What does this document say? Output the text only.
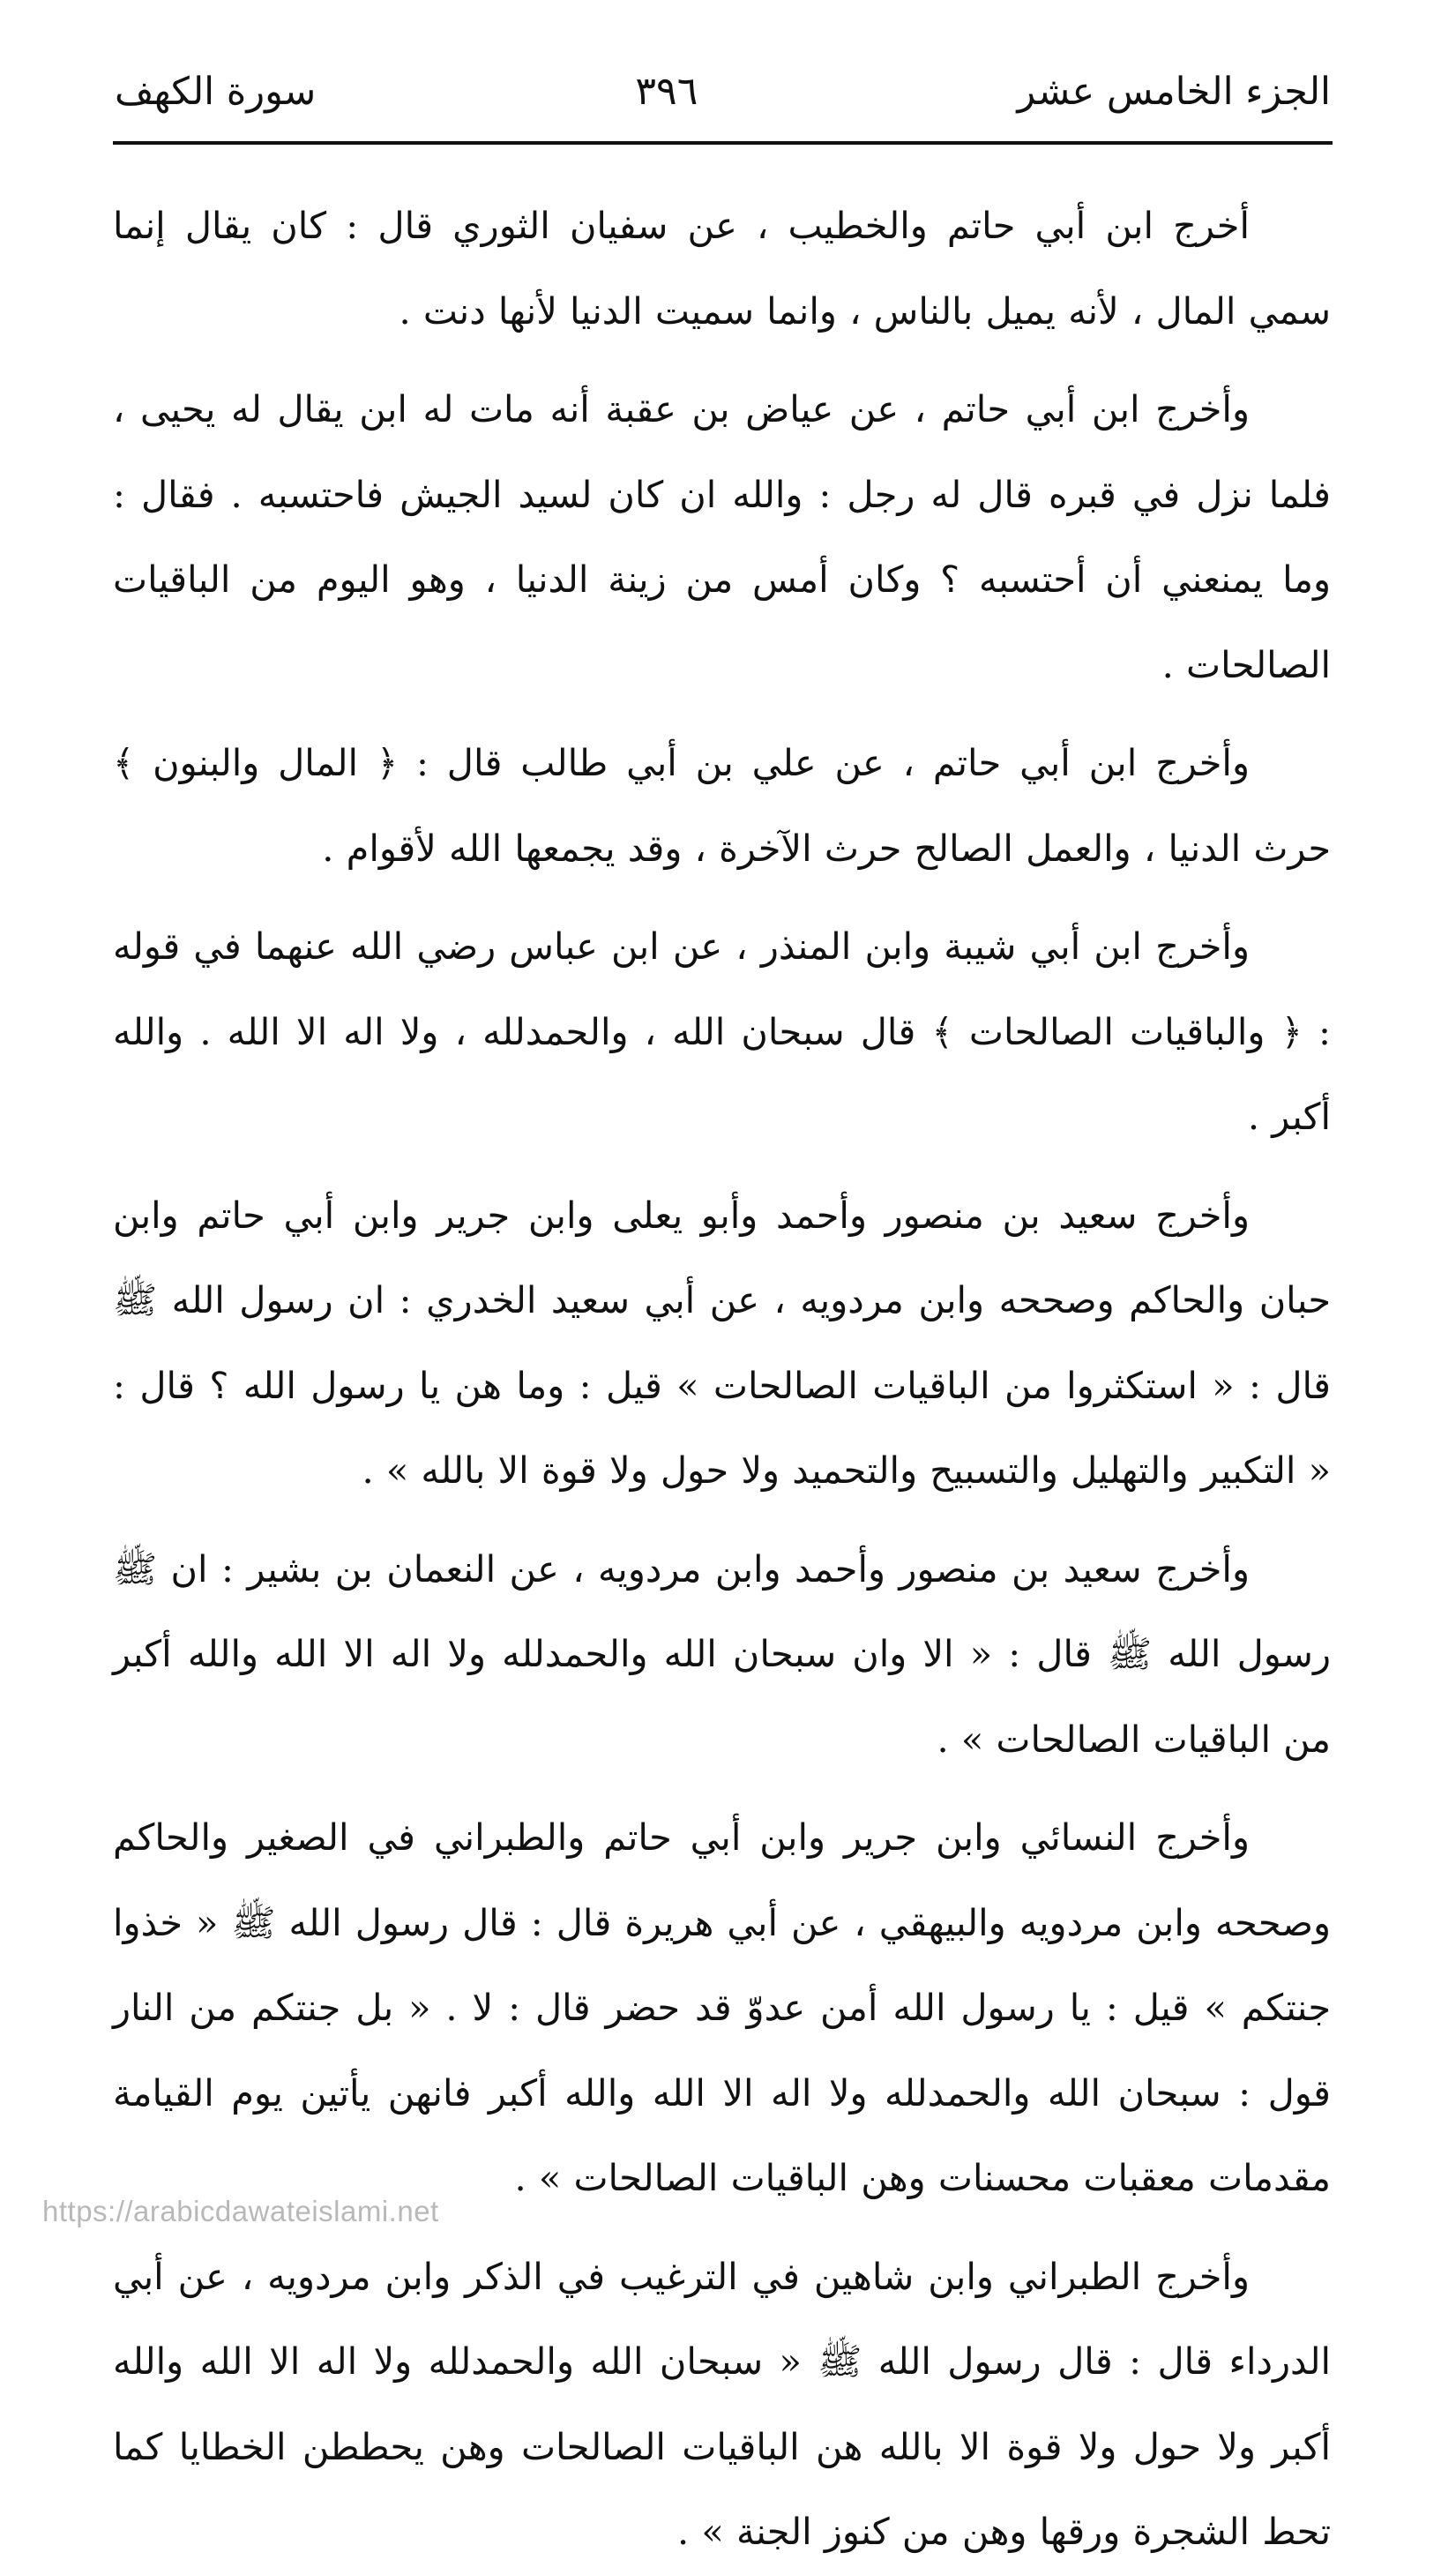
الجزء الخامس عشر
٣٩٦
سورة الكهف

أخرج ابن أبي حاتم والخطيب ، عن سفيان الثوري قال : كان يقال إنما سمي المال ، لأنه يميل بالناس ، وانما سميت الدنيا لأنها دنت .

وأخرج ابن أبي حاتم ، عن عياض بن عقبة أنه مات له ابن يقال له يحيى ، فلما نزل في قبره قال له رجل : والله ان كان لسيد الجيش فاحتسبه . فقال : وما يمنعني أن أحتسبه ؟ وكان أمس من زينة الدنيا ، وهو اليوم من الباقيات الصالحات .

وأخرج ابن أبي حاتم ، عن علي بن أبي طالب قال : ﴿ المال والبنون ﴾ حرث الدنيا ، والعمل الصالح حرث الآخرة ، وقد يجمعها الله لأقوام .

وأخرج ابن أبي شيبة وابن المنذر ، عن ابن عباس رضي الله عنهما في قوله : ﴿ والباقيات الصالحات ﴾ قال سبحان الله ، والحمدلله ، ولا اله الا الله . والله أكبر .

وأخرج سعيد بن منصور وأحمد وأبو يعلى وابن جرير وابن أبي حاتم وابن حبان والحاكم وصححه وابن مردويه ، عن أبي سعيد الخدري : ان رسول الله ﷺ قال : « استكثروا من الباقيات الصالحات » قيل : وما هن يا رسول الله ؟ قال : « التكبير والتهليل والتسبيح والتحميد ولا حول ولا قوة الا بالله » .

وأخرج سعيد بن منصور وأحمد وابن مردويه ، عن النعمان بن بشير : ان ﷺ رسول الله ﷺ قال : « الا وان سبحان الله والحمدلله ولا اله الا الله والله أكبر من الباقيات الصالحات » .

وأخرج النسائي وابن جرير وابن أبي حاتم والطبراني في الصغير والحاكم وصححه وابن مردويه والبيهقي ، عن أبي هريرة قال : قال رسول الله ﷺ « خذوا جنتكم » قيل : يا رسول الله أمن عدوّ قد حضر قال : لا . « بل جنتكم من النار قول : سبحان الله والحمدلله ولا اله الا الله والله أكبر فانهن يأتين يوم القيامة مقدمات معقبات محسنات وهن الباقيات الصالحات » .

وأخرج الطبراني وابن شاهين في الترغيب في الذكر وابن مردويه ، عن أبي الدرداء قال : قال رسول الله ﷺ « سبحان الله والحمدلله ولا اله الا الله والله أكبر ولا حول ولا قوة الا بالله هن الباقيات الصالحات وهن يحططن الخطايا كما تحط الشجرة ورقها وهن من كنوز الجنة » .

https://arabicdawateislami.net
